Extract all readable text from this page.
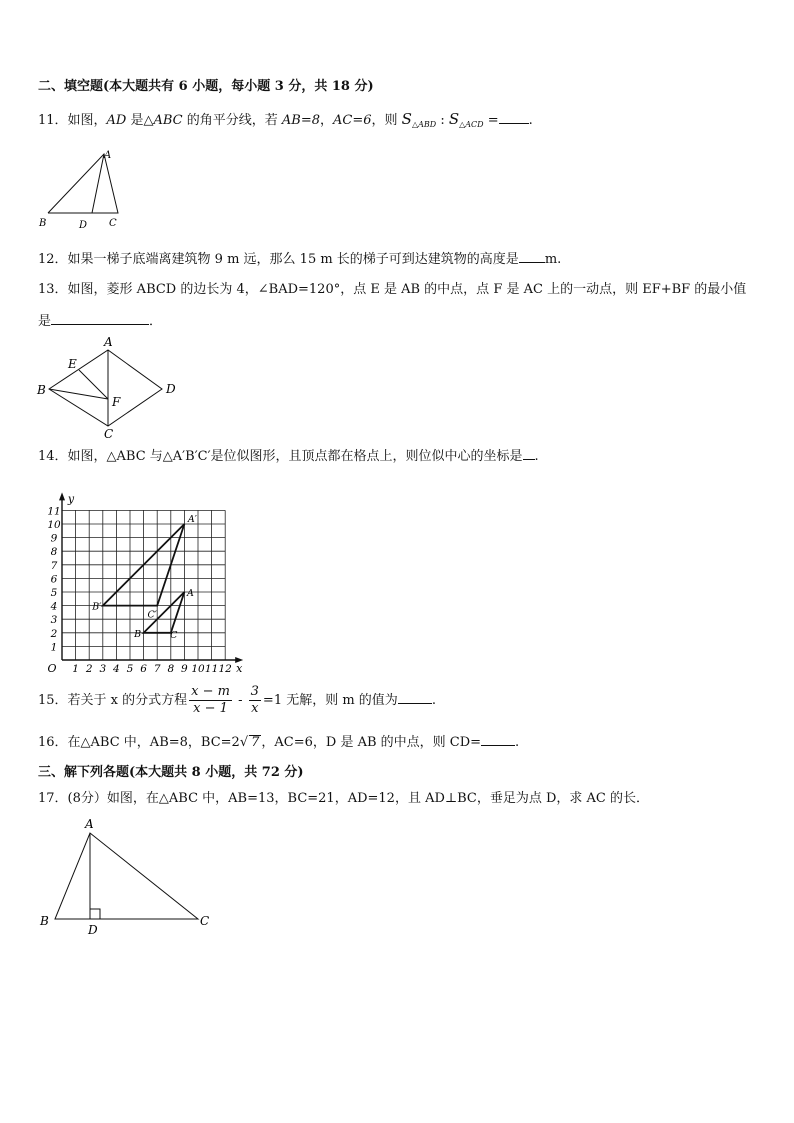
二、填空题(本大题共有 6 小题，每小题 3 分，共 18 分)
11．如图，AD 是△ABC 的角平分线，若 AB=8，AC=6，则 $S_{\triangle ABD}$ : $S_{\triangle ACD}$ = .
A
B	D C
12．如果一梯子底端离建筑物 9 m 远，那么 15 m 长的梯子可到达建筑物的高度是 m.
13．如图，菱形 ABCD 的边长为 4，∠BAD=120°，点 E 是 AB 的中点，点 F 是 AC 上的一动点，则 EF+BF 的最小值
是	．
A
B
C
D
E
F
14．如图，△ABC 与△A′B′C′是位似图形，且顶点都在格点上，则位似中心的坐标是 .
1 2 3 4 5 6 7 8 9 10 11 12
1
2
3
4
5
6
7
8
9
10
11
O	x
y
A
B	C
A′
B′
C′
15．若关于 x 的分式方程 $\frac{x - m}{x - 1} - \frac{3}{x} =1$ 无解，则 m 的值为	.
16．在△ABC 中，AB=8，BC=2√ 7 ，AC=6，D 是 AB 的中点，则 CD=	.
三、解下列各题(本大题共 8 小题，共 72 分)
17．(8分）如图，在△ABC 中，AB=13，BC=21，AD=12，且 AD⊥BC，垂足为点 D，求 AC 的长．
A
B	C
D
